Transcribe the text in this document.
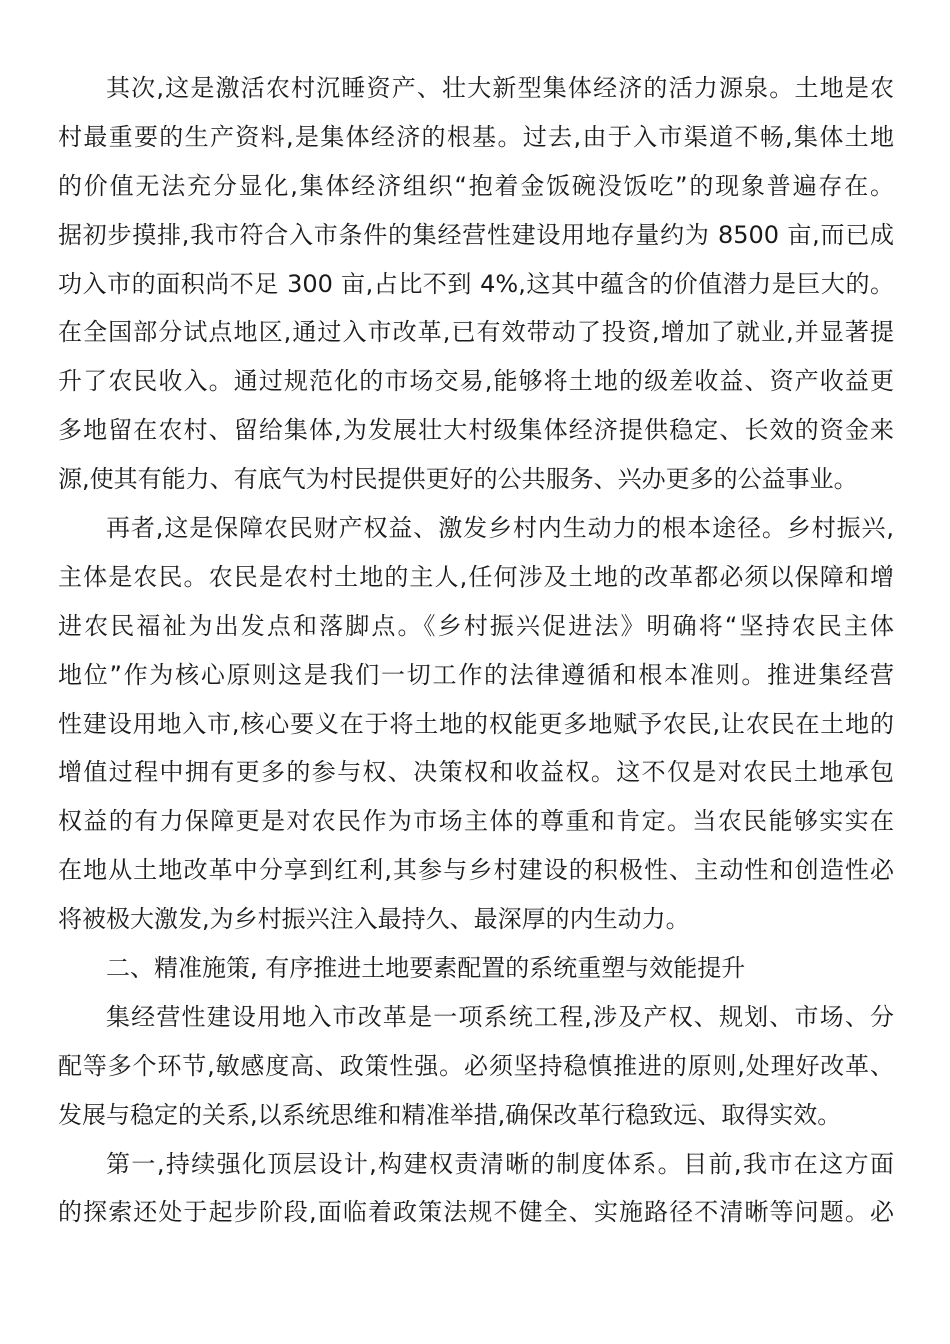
其次,这是激活农村沉睡资产、壮大新型集体经济的活力源泉。土地是农
村最重要的生产资料,是集体经济的根基。过去,由于入市渠道不畅,集体土地
的价值无法充分显化,集体经济组织“抱着金饭碗没饭吃”的现象普遍存在。
据初步摸排,我市符合入市条件的集经营性建设用地存量约为 8500 亩,而已成
功入市的面积尚不足 300 亩,占比不到 4%,这其中蕴含的价值潜力是巨大的。
在全国部分试点地区,通过入市改革,已有效带动了投资,增加了就业,并显著提
升了农民收入。通过规范化的市场交易,能够将土地的级差收益、资产收益更
多地留在农村、留给集体,为发展壮大村级集体经济提供稳定、长效的资金来
源,使其有能力、有底气为村民提供更好的公共服务、兴办更多的公益事业。
再者,这是保障农民财产权益、激发乡村内生动力的根本途径。乡村振兴,
主体是农民。农民是农村土地的主人,任何涉及土地的改革都必须以保障和增
进农民福祉为出发点和落脚点。《乡村振兴促进法》明确将“坚持农民主体
地位”作为核心原则这是我们一切工作的法律遵循和根本准则。推进集经营
性建设用地入市,核心要义在于将土地的权能更多地赋予农民,让农民在土地的
增值过程中拥有更多的参与权、决策权和收益权。这不仅是对农民土地承包
权益的有力保障更是对农民作为市场主体的尊重和肯定。当农民能够实实在
在地从土地改革中分享到红利,其参与乡村建设的积极性、主动性和创造性必
将被极大激发,为乡村振兴注入最持久、最深厚的内生动力。
二、精准施策, 有序推进土地要素配置的系统重塑与效能提升
集经营性建设用地入市改革是一项系统工程,涉及产权、规划、市场、分
配等多个环节,敏感度高、政策性强。必须坚持稳慎推进的原则,处理好改革、
发展与稳定的关系,以系统思维和精准举措,确保改革行稳致远、取得实效。
第一,持续强化顶层设计,构建权责清晰的制度体系。目前,我市在这方面
的探索还处于起步阶段,面临着政策法规不健全、实施路径不清晰等问题。必
